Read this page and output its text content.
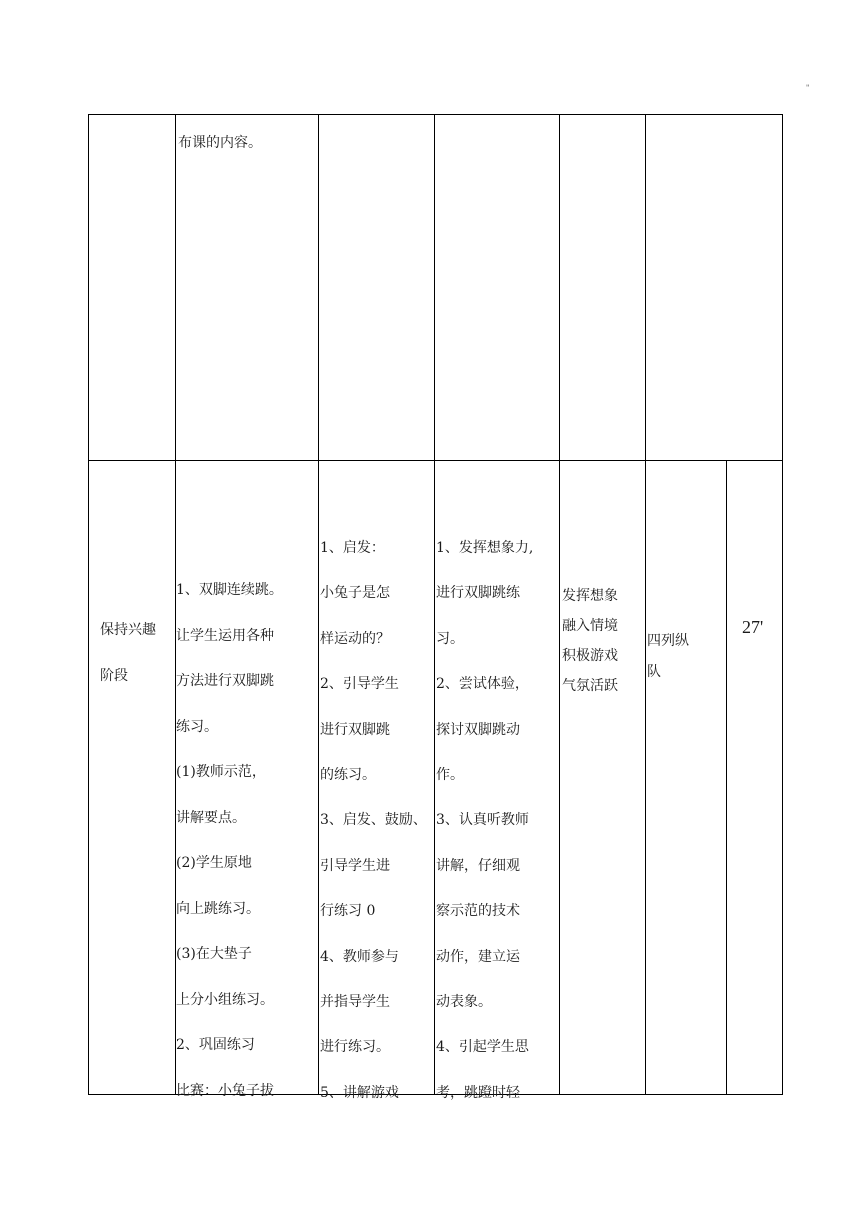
"
布课的内容。
保持兴趣
阶段
1、双脚连续跳。
让学生运用各种
方法进行双脚跳
练习。
(1)教师示范，
讲解要点。
(2)学生原地
向上跳练习。
(3)在大垫子
上分小组练习。
2、巩固练习
比赛：小兔子拔
1、启发：
小兔子是怎
样运动的？
2、引导学生
进行双脚跳
的练习。
3、启发、鼓励、
引导学生进
行练习 0
4、教师参与
并指导学生
进行练习。
5、讲解游戏
1、发挥想象力,
进行双脚跳练
习。
2、尝试体验，
探讨双脚跳动
作。
3、认真听教师
讲解，仔细观
察示范的技术
动作，建立运
动表象。
4、引起学生思
考，跳蹬时轻
发挥想象
融入情境
积极游戏
气氛活跃
四列纵
队
27'
